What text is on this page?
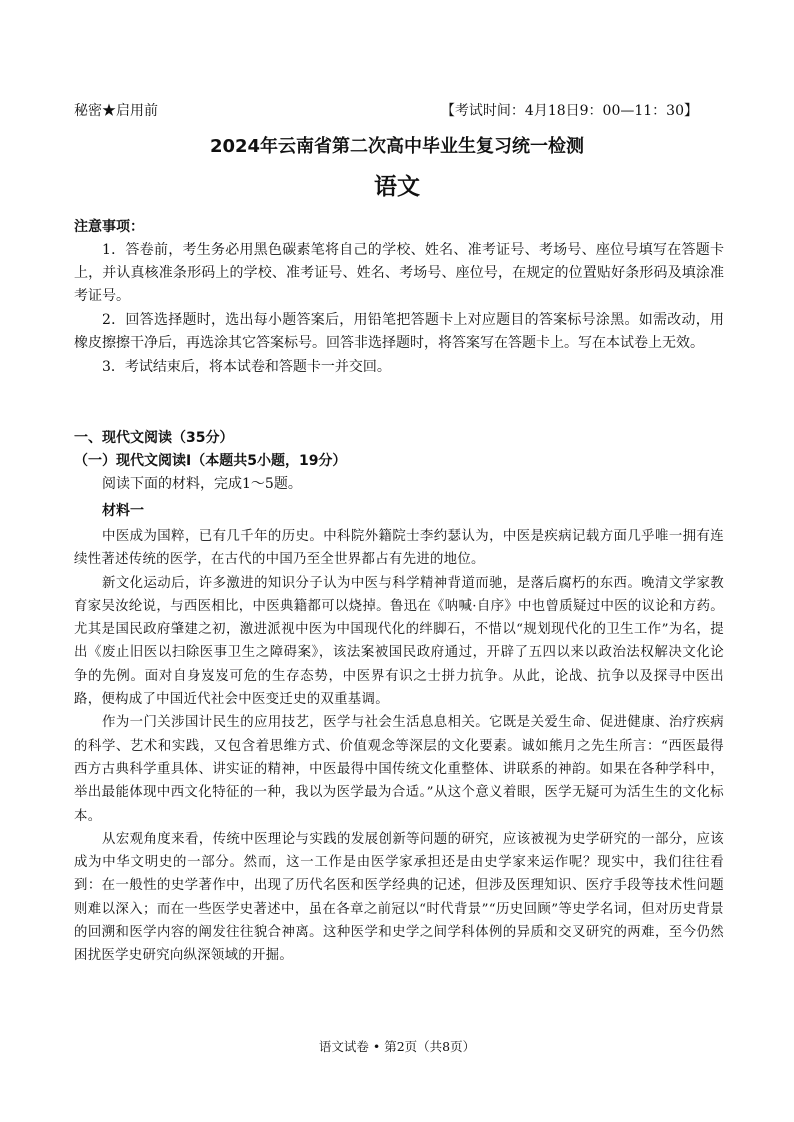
秘密★启用前	【考试时间：4月18日9：00—11：30】
2024年云南省第二次高中毕业生复习统一检测
语文
注意事项：

1．答卷前，考生务必用黑色碳素笔将自己的学校、姓名、准考证号、考场号、座位号填写在答题卡上，并认真核准条形码上的学校、准考证号、姓名、考场号、座位号，在规定的位置贴好条形码及填涂准考证号。

2．回答选择题时，选出每小题答案后，用铅笔把答题卡上对应题目的答案标号涂黑。如需改动，用橡皮擦擦干净后，再选涂其它答案标号。回答非选择题时，将答案写在答题卡上。写在本试卷上无效。

3．考试结束后，将本试卷和答题卡一并交回。

一、现代文阅读（35分）
（一）现代文阅读Ⅰ（本题共5小题，19分）
阅读下面的材料，完成1～5题。
材料一

中医成为国粹，已有几千年的历史。中科院外籍院士李约瑟认为，中医是疾病记载方面几乎唯一拥有连续性著述传统的医学，在古代的中国乃至全世界都占有先进的地位。

新文化运动后，许多激进的知识分子认为中医与科学精神背道而驰，是落后腐朽的东西。晚清文学家教育家吴汝纶说，与西医相比，中医典籍都可以烧掉。鲁迅在《呐喊·自序》中也曾质疑过中医的议论和方药。尤其是国民政府肇建之初，激进派视中医为中国现代化的绊脚石，不惜以“规划现代化的卫生工作”为名，提出《废止旧医以扫除医事卫生之障碍案》，该法案被国民政府通过，开辟了五四以来以政治法权解决文化论争的先例。面对自身岌岌可危的生存态势，中医界有识之士拼力抗争。从此，论战、抗争以及探寻中医出路，便构成了中国近代社会中医变迁史的双重基调。

作为一门关涉国计民生的应用技艺，医学与社会生活息息相关。它既是关爱生命、促进健康、治疗疾病的科学、艺术和实践，又包含着思维方式、价值观念等深层的文化要素。诚如熊月之先生所言：“西医最得西方古典科学重具体、讲实证的精神，中医最得中国传统文化重整体、讲联系的神韵。如果在各种学科中，举出最能体现中西文化特征的一种，我以为医学最为合适。”从这个意义着眼，医学无疑可为活生生的文化标本。

从宏观角度来看，传统中医理论与实践的发展创新等问题的研究，应该被视为史学研究的一部分，应该成为中华文明史的一部分。然而，这一工作是由医学家承担还是由史学家来运作呢？现实中，我们往往看到：在一般性的史学著作中，出现了历代名医和医学经典的记述，但涉及医理知识、医疗手段等技术性问题则难以深入；而在一些医学史著述中，虽在各章之前冠以“时代背景”“历史回顾”等史学名词，但对历史背景的回溯和医学内容的阐发往往貌合神离。这种医学和史学之间学科体例的异质和交叉研究的两难，至今仍然困扰医学史研究向纵深领域的开掘。

语文试卷 • 第2页（共8页）
